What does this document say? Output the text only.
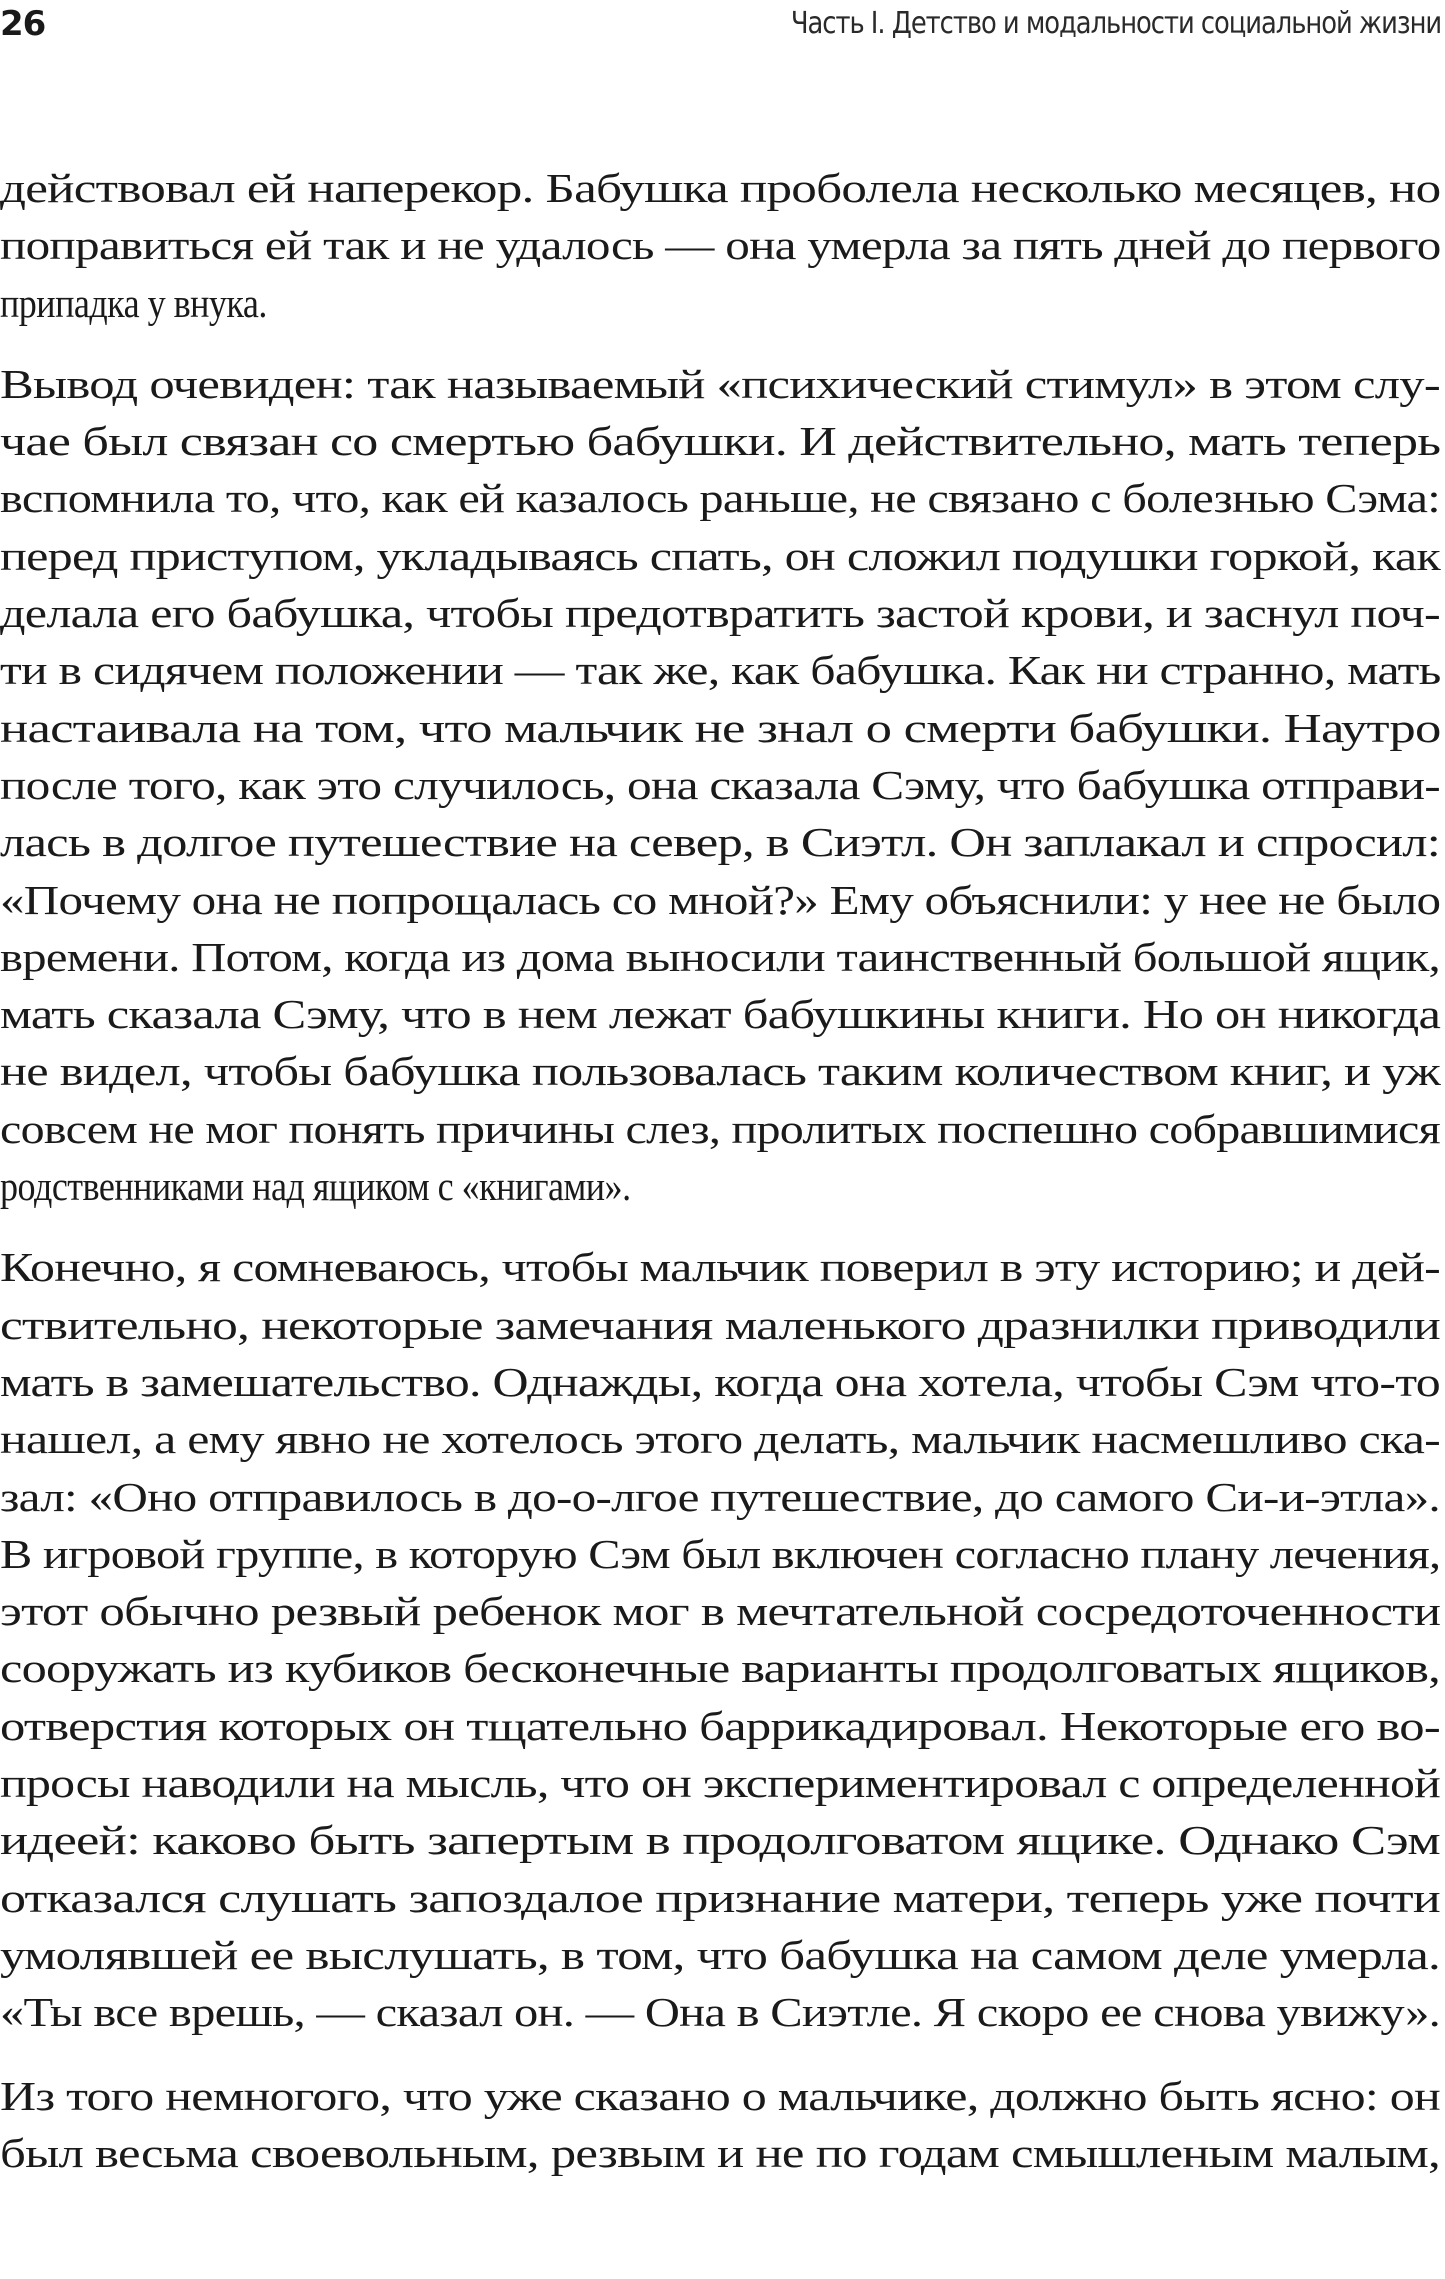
26	Часть I. Детство и модальности социальной жизни

действовал ей наперекор. Бабушка проболела несколько месяцев, но
поправиться ей так и не удалось — она умерла за пять дней до первого
припадка у внука.

Вывод очевиден: так называемый «психический стимул» в этом слу-
чае был связан со смертью бабушки. И действительно, мать теперь
вспомнила то, что, как ей казалось раньше, не связано с болезнью Сэма:
перед приступом, укладываясь спать, он сложил подушки горкой, как
делала его бабушка, чтобы предотвратить застой крови, и заснул поч-
ти в сидячем положении — так же, как бабушка. Как ни странно, мать
настаивала на том, что мальчик не знал о смерти бабушки. Наутро
после того, как это случилось, она сказала Сэму, что бабушка отправи-
лась в долгое путешествие на север, в Сиэтл. Он заплакал и спросил:
«Почему она не попрощалась со мной?» Ему объяснили: у нее не было
времени. Потом, когда из дома выносили таинственный большой ящик,
мать сказала Сэму, что в нем лежат бабушкины книги. Но он никогда
не видел, чтобы бабушка пользовалась таким количеством книг, и уж
совсем не мог понять причины слез, пролитых поспешно собравшимися
родственниками над ящиком с «книгами».

Конечно, я сомневаюсь, чтобы мальчик поверил в эту историю; и дей-
ствительно, некоторые замечания маленького дразнилки приводили
мать в замешательство. Однажды, когда она хотела, чтобы Сэм что-то
нашел, а ему явно не хотелось этого делать, мальчик насмешливо ска-
зал: «Оно отправилось в до-о-лгое путешествие, до самого Си-и-этла».
В игровой группе, в которую Сэм был включен согласно плану лечения,
этот обычно резвый ребенок мог в мечтательной сосредоточенности
сооружать из кубиков бесконечные варианты продолговатых ящиков,
отверстия которых он тщательно баррикадировал. Некоторые его во-
просы наводили на мысль, что он экспериментировал с определенной
идеей: каково быть запертым в продолговатом ящике. Однако Сэм
отказался слушать запоздалое признание матери, теперь уже почти
умолявшей ее выслушать, в том, что бабушка на самом деле умерла.
«Ты все врешь, — сказал он. — Она в Сиэтле. Я скоро ее снова увижу».

Из того немногого, что уже сказано о мальчике, должно быть ясно: он
был весьма своевольным, резвым и не по годам смышленым малым,
